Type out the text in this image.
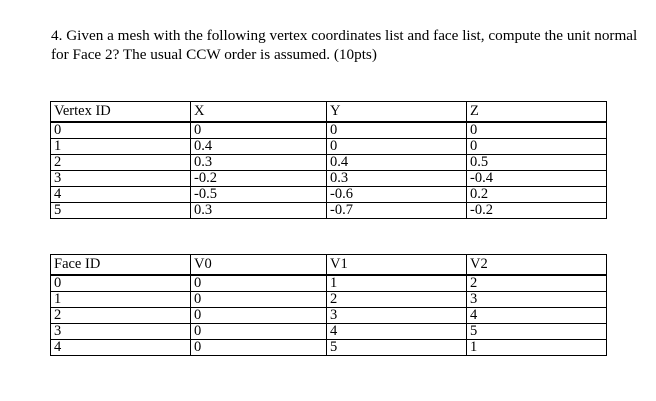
4. Given a mesh with the following vertex coordinates list and face list, compute the unit normal for Face 2? The usual CCW order is assumed. (10pts)

Vertex ID	X	Y	Z
0	0	0	0
1	0.4	0	0
2	0.3	0.4	0.5
3	-0.2	0.3	-0.4
4	-0.5	-0.6	0.2
5	0.3	-0.7	-0.2
Face ID	V0	V1	V2
0	0	1	2
1	0	2	3
2	0	3	4
3	0	4	5
4	0	5	1
